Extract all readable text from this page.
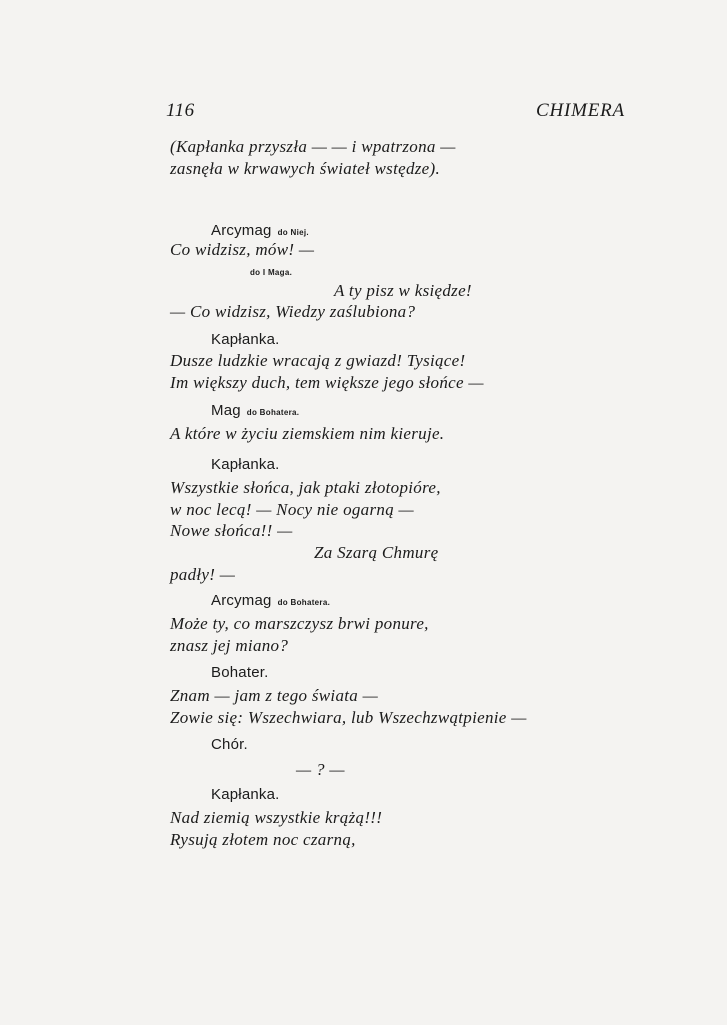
116	CHIMERA
(Kapłanka przyszła — — i wpatrzona —
zasnęła w krwawych świateł wstędze).
Arcymag do Niej.
Co widzisz, mów! —
do I Maga.
A ty pisz w księdze!
— Co widzisz, Wiedzy zaślubiona?
Kapłanka.
Dusze ludzkie wracają z gwiazd! Tysiące!
Im większy duch, tem większe jego słońce —
Mag do Bohatera.
A które w życiu ziemskiem nim kieruje.
Kapłanka.
Wszystkie słońca, jak ptaki złotopióre,
w noc lecą! — Nocy nie ogarną —
Nowe słońca!! —
Za Szarą Chmurę
padły! —
Arcymag do Bohatera.
Może ty, co marszczysz brwi ponure,
znasz jej miano?
Bohater.
Znam — jam z tego świata —
Zowie się: Wszechwiara, lub Wszechzwątpienie —
Chór.
— ? —
Kapłanka.
Nad ziemią wszystkie krążą!!!
Rysują złotem noc czarną,
